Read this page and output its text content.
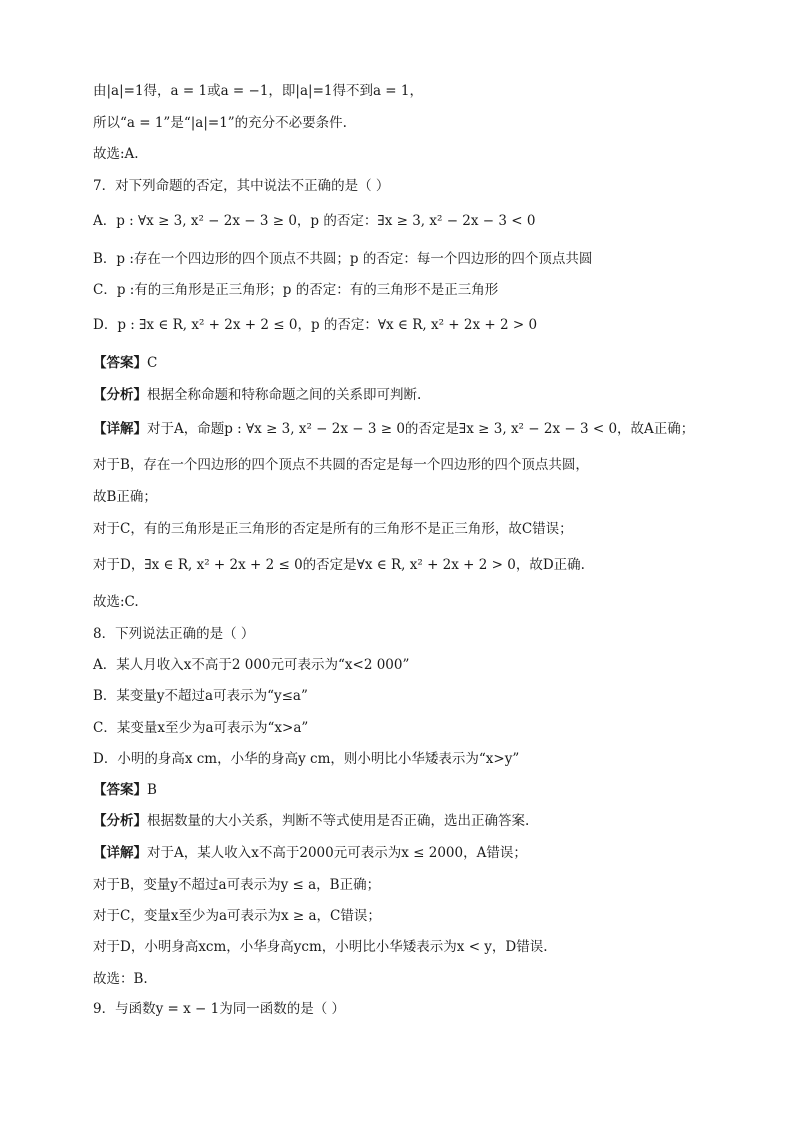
由|a|=1得，a = 1或a = −1，即|a|=1得不到a = 1，
所以“a = 1”是“|a|=1”的充分不必要条件.
故选:A.
7．对下列命题的否定，其中说法不正确的是（ ）
A．p : ∀x ≥ 3, x² − 2x − 3 ≥ 0，p 的否定：∃x ≥ 3, x² − 2x − 3 < 0
B．p :存在一个四边形的四个顶点不共圆；p 的否定：每一个四边形的四个顶点共圆
C．p :有的三角形是正三角形；p 的否定：有的三角形不是正三角形
D．p : ∃x ∈ R, x² + 2x + 2 ≤ 0，p 的否定：∀x ∈ R, x² + 2x + 2 > 0
【答案】C
【分析】根据全称命题和特称命题之间的关系即可判断.
【详解】对于A，命题p : ∀x ≥ 3, x² − 2x − 3 ≥ 0的否定是∃x ≥ 3, x² − 2x − 3 < 0，故A正确；
对于B，存在一个四边形的四个顶点不共圆的否定是每一个四边形的四个顶点共圆，
故B正确；
对于C，有的三角形是正三角形的否定是所有的三角形不是正三角形，故C错误；
对于D，∃x ∈ R, x² + 2x + 2 ≤ 0的否定是∀x ∈ R, x² + 2x + 2 > 0，故D正确.
故选:C.
8．下列说法正确的是（ ）
A．某人月收入x不高于2 000元可表示为“x<2 000”
B．某变量y不超过a可表示为“y≤a”
C．某变量x至少为a可表示为“x>a”
D．小明的身高x cm，小华的身高y cm，则小明比小华矮表示为“x>y”
【答案】B
【分析】根据数量的大小关系，判断不等式使用是否正确，选出正确答案.
【详解】对于A，某人收入x不高于2000元可表示为x ≤ 2000，A错误；
对于B，变量y不超过a可表示为y ≤ a，B正确；
对于C，变量x至少为a可表示为x ≥ a，C错误；
对于D，小明身高xcm，小华身高ycm，小明比小华矮表示为x < y，D错误.
故选：B.
9．与函数y = x − 1为同一函数的是（ ）
